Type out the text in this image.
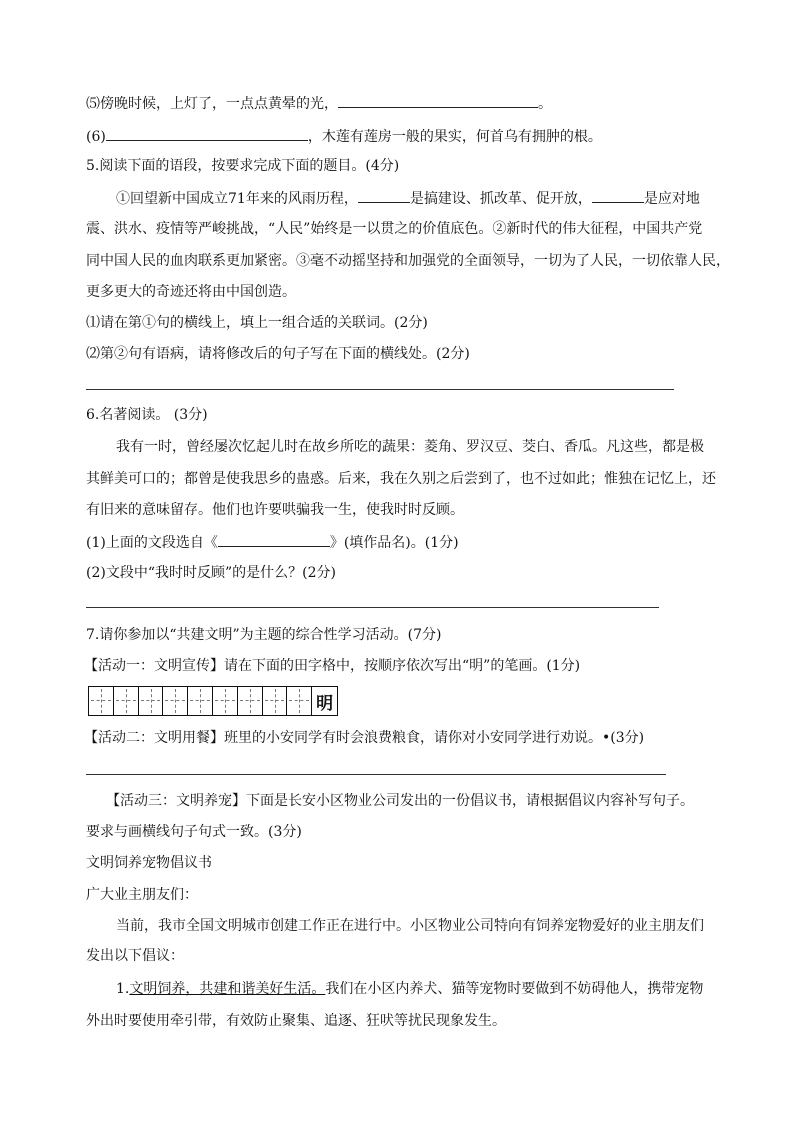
⑸傍晚时候，上灯了，一点点黄晕的光，	。
(6)	，木莲有莲房一般的果实，何首乌有拥肿的根。
5.阅读下面的语段，按要求完成下面的题目。(4分)
①回望新中国成立71年来的风雨历程，	是搞建设、抓改革、促开放，	是应对地
震、洪水、疫情等严峻挑战，“人民”始终是一以贯之的价值底色。②新时代的伟大征程，中国共产党
同中国人民的血肉联系更加紧密。③毫不动摇坚持和加强党的全面领导，一切为了人民，一切依靠人民，
更多更大的奇迹还将由中国创造。
⑴请在第①句的横线上，填上一组合适的关联词。(2分)
⑵第②句有语病，请将修改后的句子写在下面的横线处。(2分)
6.名著阅读。 (3分)
我有一时，曾经屡次忆起儿时在故乡所吃的蔬果：菱角、罗汉豆、茭白、香瓜。凡这些，都是极
其鲜美可口的；都曾是使我思乡的蛊惑。后来，我在久别之后尝到了，也不过如此；惟独在记忆上，还
有旧来的意味留存。他们也许要哄骗我一生，使我时时反顾。
(1)上面的文段选自《	》(填作品名)。(1分)
(2)文段中“我时时反顾”的是什么？(2分)
7.请你参加以“共建文明”为主题的综合性学习活动。(7分)
【活动一：文明宣传】请在下面的田字格中，按顺序依次写出“明”的笔画。(1分)
明
【活动二：文明用餐】班里的小安同学有时会浪费粮食，请你对小安同学进行劝说。•(3分)
【活动三：文明养宠】下面是长安小区物业公司发出的一份倡议书，请根据倡议内容补写句子。
要求与画横线句子句式一致。(3分)
文明饲养宠物倡议书
广大业主朋友们：
当前，我市全国文明城市创建工作正在进行中。小区物业公司特向有饲养宠物爱好的业主朋友们
发出以下倡议：
1.文明饲养，共建和谐美好生活。我们在小区内养犬、猫等宠物时要做到不妨碍他人，携带宠物
外出时要使用牵引带，有效防止聚集、追逐、狂吠等扰民现象发生。
